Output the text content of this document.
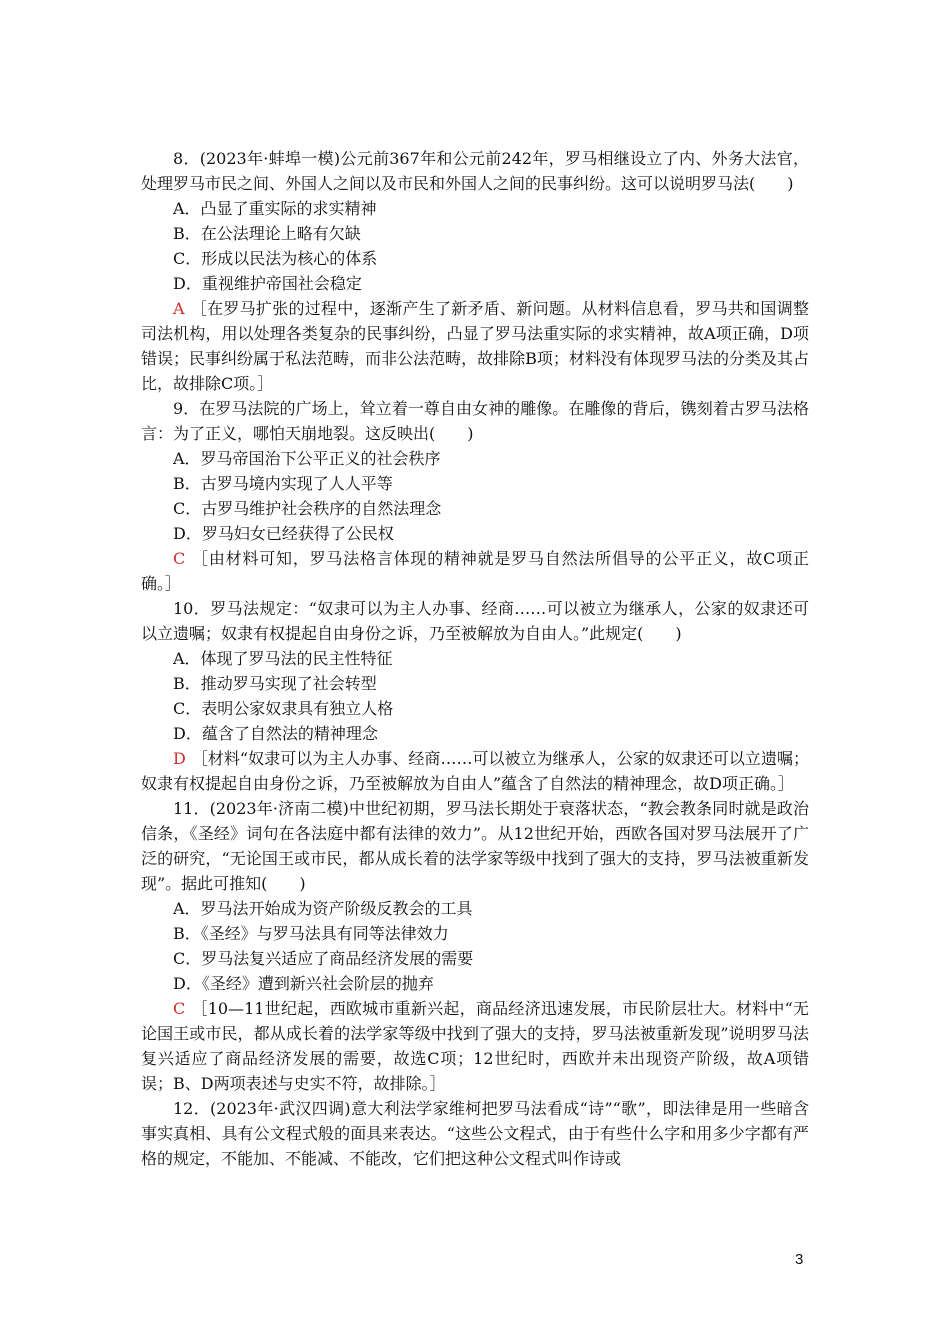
8．(2023年·蚌埠一模)公元前367年和公元前242年，罗马相继设立了内、外务大法官，处理罗马市民之间、外国人之间以及市民和外国人之间的民事纠纷。这可以说明罗马法(　　)

A．凸显了重实际的求实精神

B．在公法理论上略有欠缺

C．形成以民法为核心的体系

D．重视维护帝国社会稳定

A ［在罗马扩张的过程中，逐渐产生了新矛盾、新问题。从材料信息看，罗马共和国调整司法机构，用以处理各类复杂的民事纠纷，凸显了罗马法重实际的求实精神，故A项正确，D项错误；民事纠纷属于私法范畴，而非公法范畴，故排除B项；材料没有体现罗马法的分类及其占比，故排除C项。］

9．在罗马法院的广场上，耸立着一尊自由女神的雕像。在雕像的背后，镌刻着古罗马法格言：为了正义，哪怕天崩地裂。这反映出(　　)

A．罗马帝国治下公平正义的社会秩序

B．古罗马境内实现了人人平等

C．古罗马维护社会秩序的自然法理念

D．罗马妇女已经获得了公民权

C ［由材料可知，罗马法格言体现的精神就是罗马自然法所倡导的公平正义，故C项正确。］

10．罗马法规定：“奴隶可以为主人办事、经商……可以被立为继承人，公家的奴隶还可以立遗嘱；奴隶有权提起自由身份之诉，乃至被解放为自由人。”此规定(　　)

A．体现了罗马法的民主性特征

B．推动罗马实现了社会转型

C．表明公家奴隶具有独立人格

D．蕴含了自然法的精神理念

D ［材料“奴隶可以为主人办事、经商……可以被立为继承人，公家的奴隶还可以立遗嘱；奴隶有权提起自由身份之诉，乃至被解放为自由人”蕴含了自然法的精神理念，故D项正确。］

11．(2023年·济南二模)中世纪初期，罗马法长期处于衰落状态，“教会教条同时就是政治信条，《圣经》词句在各法庭中都有法律的效力”。从12世纪开始，西欧各国对罗马法展开了广泛的研究，“无论国王或市民，都从成长着的法学家等级中找到了强大的支持，罗马法被重新发现”。据此可推知(　　)

A．罗马法开始成为资产阶级反教会的工具

B．《圣经》与罗马法具有同等法律效力

C．罗马法复兴适应了商品经济发展的需要

D．《圣经》遭到新兴社会阶层的抛弃

C ［10—11世纪起，西欧城市重新兴起，商品经济迅速发展，市民阶层壮大。材料中“无论国王或市民，都从成长着的法学家等级中找到了强大的支持，罗马法被重新发现”说明罗马法复兴适应了商品经济发展的需要，故选C项；12世纪时，西欧并未出现资产阶级，故A项错误；B、D两项表述与史实不符，故排除。］

12．(2023年·武汉四调)意大利法学家维柯把罗马法看成“诗”“歌”，即法律是用一些暗含事实真相、具有公文程式般的面具来表达。“这些公文程式，由于有些什么字和用多少字都有严格的规定，不能加、不能减、不能改，它们把这种公文程式叫作诗或

3
